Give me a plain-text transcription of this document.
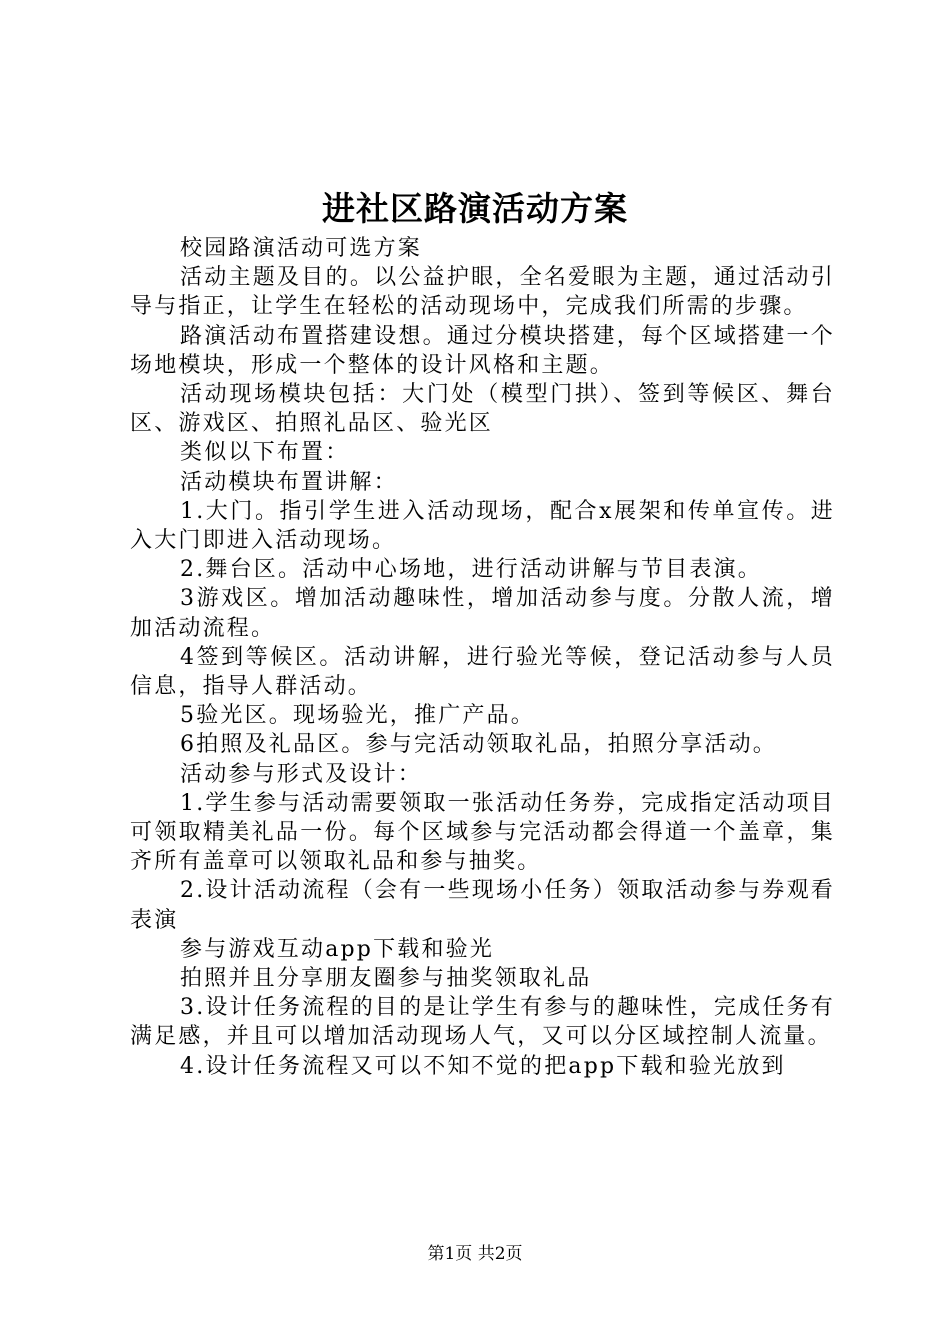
进社区路演活动方案

校园路演活动可选方案

活动主题及目的。以公益护眼，全名爱眼为主题，通过活动引导与指正，让学生在轻松的活动现场中，完成我们所需的步骤。

路演活动布置搭建设想。通过分模块搭建，每个区域搭建一个场地模块，形成一个整体的设计风格和主题。

活动现场模块包括：大门处（模型门拱）、签到等候区、舞台区、游戏区、拍照礼品区、验光区

类似以下布置：

活动模块布置讲解：

1.大门。指引学生进入活动现场，配合x展架和传单宣传。进入大门即进入活动现场。

2.舞台区。活动中心场地，进行活动讲解与节目表演。

3游戏区。增加活动趣味性，增加活动参与度。分散人流，增加活动流程。

4签到等候区。活动讲解，进行验光等候，登记活动参与人员信息，指导人群活动。

5验光区。现场验光，推广产品。

6拍照及礼品区。参与完活动领取礼品，拍照分享活动。

活动参与形式及设计：

1.学生参与活动需要领取一张活动任务券，完成指定活动项目可领取精美礼品一份。每个区域参与完活动都会得道一个盖章，集齐所有盖章可以领取礼品和参与抽奖。

2.设计活动流程（会有一些现场小任务）领取活动参与券观看表演

参与游戏互动app下载和验光

拍照并且分享朋友圈参与抽奖领取礼品

3.设计任务流程的目的是让学生有参与的趣味性，完成任务有满足感，并且可以增加活动现场人气，又可以分区域控制人流量。

4.设计任务流程又可以不知不觉的把app下载和验光放到

第1页 共2页
